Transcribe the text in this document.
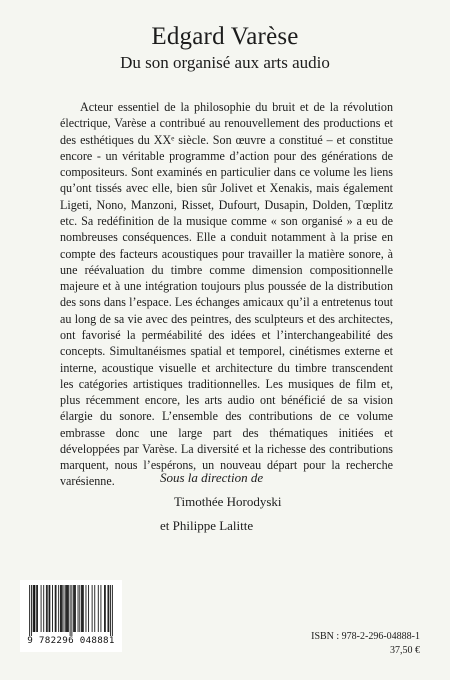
Edgard Varèse
Du son organisé aux arts audio

Acteur essentiel de la philosophie du bruit et de la révolution électrique, Varèse a contribué au renouvellement des productions et des esthétiques du XXᵉ siècle. Son œuvre a constitué – et constitue encore - un véritable programme d’action pour des générations de compositeurs. Sont examinés en particulier dans ce volume les liens qu’ont tissés avec elle, bien sûr Jolivet et Xenakis, mais également Ligeti, Nono, Manzoni, Risset, Dufourt, Dusapin, Dolden, Tœplitz etc. Sa redéfinition de la musique comme « son organisé » a eu de nombreuses conséquences. Elle a conduit notamment à la prise en compte des facteurs acoustiques pour travailler la matière sonore, à une réévaluation du timbre comme dimension compositionnelle majeure et à une intégration toujours plus poussée de la distribution des sons dans l’espace. Les échanges amicaux qu’il a entretenus tout au long de sa vie avec des peintres, des sculpteurs et des architectes, ont favorisé la perméabilité des idées et l’interchangeabilité des concepts. Simultanéismes spatial et temporel, cinétismes externe et interne, acoustique visuelle et architecture du timbre transcendent les catégories artistiques traditionnelles. Les musiques de film et, plus récemment encore, les arts audio ont bénéficié de sa vision élargie du sonore. L’ensemble des contributions de ce volume embrasse donc une large part des thématiques initiées et développées par Varèse. La diversité et la richesse des contributions marquent, nous l’espérons, un nouveau départ pour la recherche varésienne.	Sous la direction de
Timothée Horodyski
et Philippe Lalitte
9 782296 048881	ISBN : 978-2-296-04888-1
37,50 €
